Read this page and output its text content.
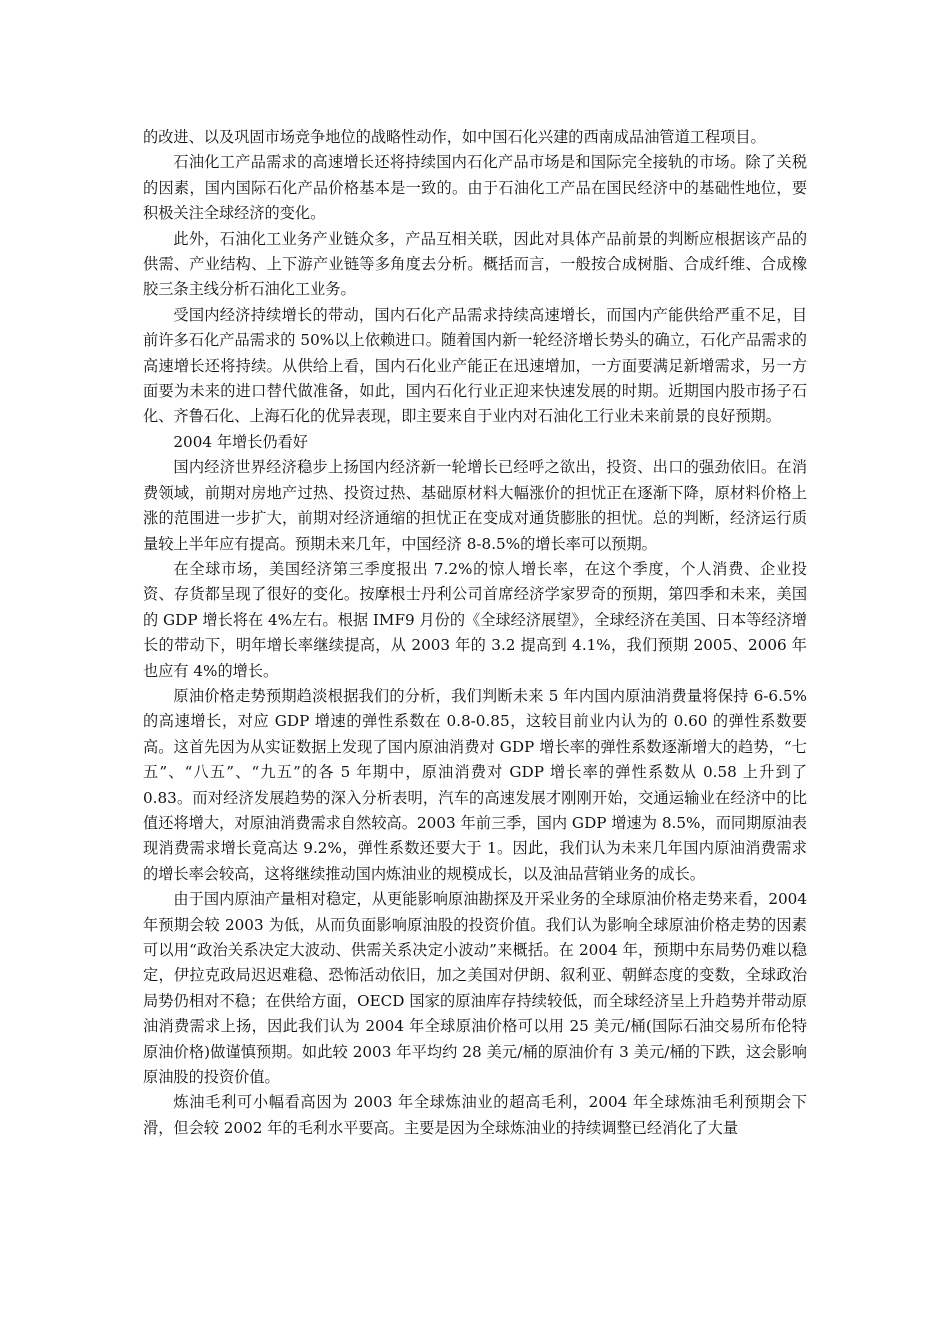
的改进、以及巩固市场竞争地位的战略性动作，如中国石化兴建的西南成品油管道工程项目。

石油化工产品需求的高速增长还将持续国内石化产品市场是和国际完全接轨的市场。除了关税的因素，国内国际石化产品价格基本是一致的。由于石油化工产品在国民经济中的基础性地位，要积极关注全球经济的变化。

此外，石油化工业务产业链众多，产品互相关联，因此对具体产品前景的判断应根据该产品的供需、产业结构、上下游产业链等多角度去分析。概括而言，一般按合成树脂、合成纤维、合成橡胶三条主线分析石油化工业务。

受国内经济持续增长的带动，国内石化产品需求持续高速增长，而国内产能供给严重不足，目前许多石化产品需求的 50%以上依赖进口。随着国内新一轮经济增长势头的确立，石化产品需求的高速增长还将持续。从供给上看，国内石化业产能正在迅速增加，一方面要满足新增需求，另一方面要为未来的进口替代做准备，如此，国内石化行业正迎来快速发展的时期。近期国内股市扬子石化、齐鲁石化、上海石化的优异表现，即主要来自于业内对石油化工行业未来前景的良好预期。

2004 年增长仍看好

国内经济世界经济稳步上扬国内经济新一轮增长已经呼之欲出，投资、出口的强劲依旧。在消费领域，前期对房地产过热、投资过热、基础原材料大幅涨价的担忧正在逐渐下降，原材料价格上涨的范围进一步扩大，前期对经济通缩的担忧正在变成对通货膨胀的担忧。总的判断，经济运行质量较上半年应有提高。预期未来几年，中国经济 8-8.5%的增长率可以预期。

在全球市场，美国经济第三季度报出 7.2%的惊人增长率，在这个季度，个人消费、企业投资、存货都呈现了很好的变化。按摩根士丹利公司首席经济学家罗奇的预期，第四季和未来，美国的 GDP 增长将在 4%左右。根据 IMF9 月份的《全球经济展望》，全球经济在美国、日本等经济增长的带动下，明年增长率继续提高，从 2003 年的 3.2 提高到 4.1%，我们预期 2005、2006 年也应有 4%的增长。

原油价格走势预期趋淡根据我们的分析，我们判断未来 5 年内国内原油消费量将保持 6-6.5%的高速增长，对应 GDP 增速的弹性系数在 0.8-0.85，这较目前业内认为的 0.60 的弹性系数要高。这首先因为从实证数据上发现了国内原油消费对 GDP 增长率的弹性系数逐渐增大的趋势，“七五”、“八五”、“九五”的各 5 年期中，原油消费对 GDP 增长率的弹性系数从 0.58 上升到了 0.83。而对经济发展趋势的深入分析表明，汽车的高速发展才刚刚开始，交通运输业在经济中的比值还将增大，对原油消费需求自然较高。2003 年前三季，国内 GDP 增速为 8.5%，而同期原油表现消费需求增长竟高达 9.2%，弹性系数还要大于 1。因此，我们认为未来几年国内原油消费需求的增长率会较高，这将继续推动国内炼油业的规模成长，以及油品营销业务的成长。

由于国内原油产量相对稳定，从更能影响原油勘探及开采业务的全球原油价格走势来看，2004 年预期会较 2003 为低，从而负面影响原油股的投资价值。我们认为影响全球原油价格走势的因素可以用“政治关系决定大波动、供需关系决定小波动”来概括。在 2004 年，预期中东局势仍难以稳定，伊拉克政局迟迟难稳、恐怖活动依旧，加之美国对伊朗、叙利亚、朝鲜态度的变数，全球政治局势仍相对不稳；在供给方面，OECD 国家的原油库存持续较低，而全球经济呈上升趋势并带动原油消费需求上扬，因此我们认为 2004 年全球原油价格可以用 25 美元/桶(国际石油交易所布伦特原油价格)做谨慎预期。如此较 2003 年平均约 28 美元/桶的原油价有 3 美元/桶的下跌，这会影响原油股的投资价值。

炼油毛利可小幅看高因为 2003 年全球炼油业的超高毛利，2004 年全球炼油毛利预期会下滑，但会较 2002 年的毛利水平要高。主要是因为全球炼油业的持续调整已经消化了大量
